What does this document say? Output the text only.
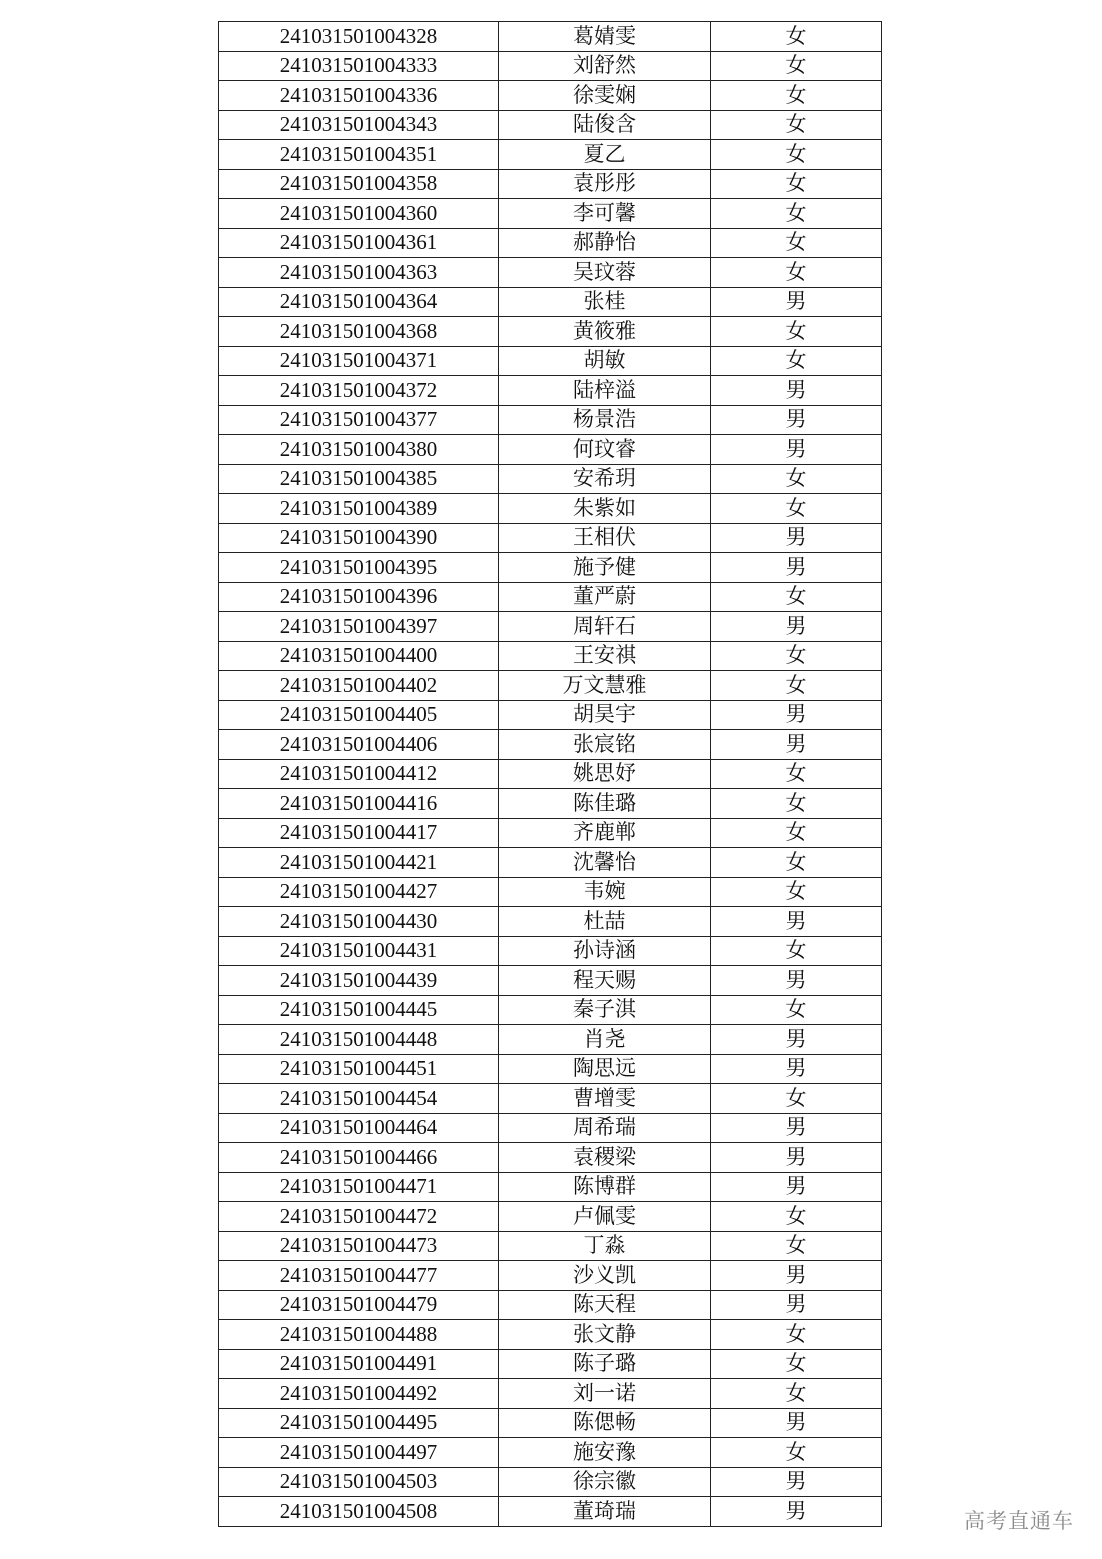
241031501004328	葛婧雯	女
241031501004333	刘舒然	女
241031501004336	徐雯娴	女
241031501004343	陆俊含	女
241031501004351	夏乙	女
241031501004358	袁彤彤	女
241031501004360	李可馨	女
241031501004361	郝静怡	女
241031501004363	吴玟蓉	女
241031501004364	张桂	男
241031501004368	黄筱雅	女
241031501004371	胡敏	女
241031501004372	陆梓溢	男
241031501004377	杨景浩	男
241031501004380	何玟睿	男
241031501004385	安希玥	女
241031501004389	朱紫如	女
241031501004390	王相伏	男
241031501004395	施予健	男
241031501004396	董严蔚	女
241031501004397	周轩石	男
241031501004400	王安祺	女
241031501004402	万文慧雅	女
241031501004405	胡昊宇	男
241031501004406	张宸铭	男
241031501004412	姚思妤	女
241031501004416	陈佳璐	女
241031501004417	齐鹿郸	女
241031501004421	沈馨怡	女
241031501004427	韦婉	女
241031501004430	杜喆	男
241031501004431	孙诗涵	女
241031501004439	程天赐	男
241031501004445	秦子淇	女
241031501004448	肖尧	男
241031501004451	陶思远	男
241031501004454	曹增雯	女
241031501004464	周希瑞	男
241031501004466	袁稷梁	男
241031501004471	陈博群	男
241031501004472	卢佩雯	女
241031501004473	丁淼	女
241031501004477	沙义凯	男
241031501004479	陈天程	男
241031501004488	张文静	女
241031501004491	陈子璐	女
241031501004492	刘一诺	女
241031501004495	陈偲畅	男
241031501004497	施安豫	女
241031501004503	徐宗徽	男
241031501004508	董琦瑞	男	高考直通车
